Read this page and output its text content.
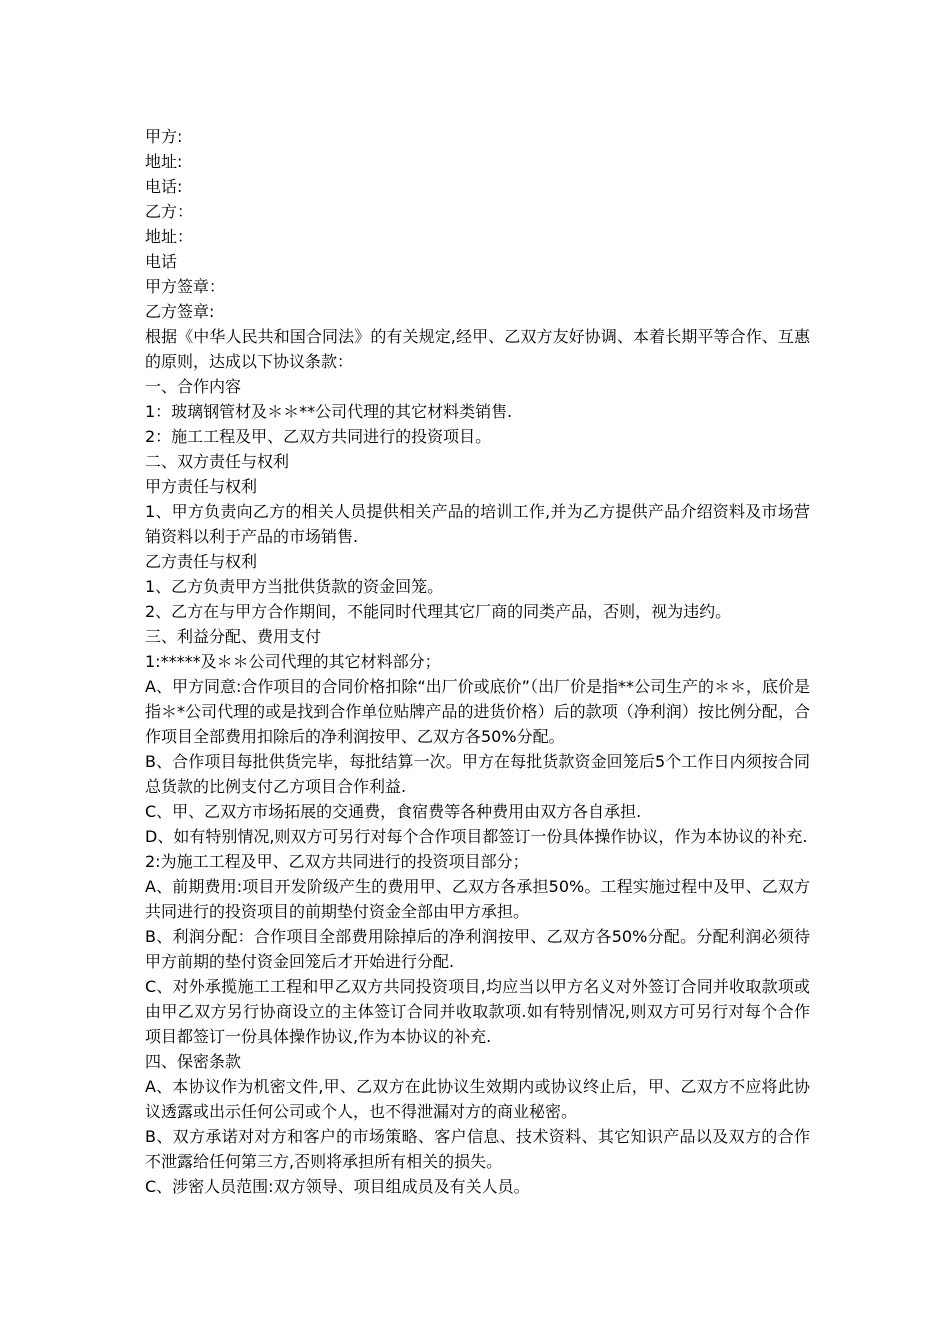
甲方:

地址:

电话:

乙方：

地址：

电话

甲方签章：

乙方签章:

根据《中华人民共和国合同法》的有关规定,经甲、乙双方友好协调、本着长期平等合作、互惠的原则，达成以下协议条款：

一、合作内容

1：玻璃钢管材及＊＊**公司代理的其它材料类销售.

2：施工工程及甲、乙双方共同进行的投资项目。

二、双方责任与权利

甲方责任与权利

1、甲方负责向乙方的相关人员提供相关产品的培训工作,并为乙方提供产品介绍资料及市场营销资料以利于产品的市场销售.

乙方责任与权利

1、乙方负责甲方当批供货款的资金回笼。

2、乙方在与甲方合作期间，不能同时代理其它厂商的同类产品，否则，视为违约。

三、利益分配、费用支付

1:*****及＊＊公司代理的其它材料部分；

A、甲方同意:合作项目的合同价格扣除“出厂价或底价”（出厂价是指**公司生产的＊＊，底价是指＊*公司代理的或是找到合作单位贴牌产品的进货价格）后的款项（净利润）按比例分配，合作项目全部费用扣除后的净利润按甲、乙双方各50%分配。

B、合作项目每批供货完毕，每批结算一次。甲方在每批货款资金回笼后5个工作日内须按合同总货款的比例支付乙方项目合作利益.

C、甲、乙双方市场拓展的交通费，食宿费等各种费用由双方各自承担.

D、如有特别情况,则双方可另行对每个合作项目都签订一份具体操作协议，作为本协议的补充.

2:为施工工程及甲、乙双方共同进行的投资项目部分；

A、前期费用:项目开发阶级产生的费用甲、乙双方各承担50%。工程实施过程中及甲、乙双方共同进行的投资项目的前期垫付资金全部由甲方承担。

B、利润分配：合作项目全部费用除掉后的净利润按甲、乙双方各50%分配。分配利润必须待甲方前期的垫付资金回笼后才开始进行分配.

C、对外承揽施工工程和甲乙双方共同投资项目,均应当以甲方名义对外签订合同并收取款项或由甲乙双方另行协商设立的主体签订合同并收取款项.如有特别情况,则双方可另行对每个合作项目都签订一份具体操作协议,作为本协议的补充.

四、保密条款

A、本协议作为机密文件,甲、乙双方在此协议生效期内或协议终止后，甲、乙双方不应将此协议透露或出示任何公司或个人，也不得泄漏对方的商业秘密。

B、双方承诺对对方和客户的市场策略、客户信息、技术资料、其它知识产品以及双方的合作不泄露给任何第三方,否则将承担所有相关的损失。

C、涉密人员范围:双方领导、项目组成员及有关人员。
